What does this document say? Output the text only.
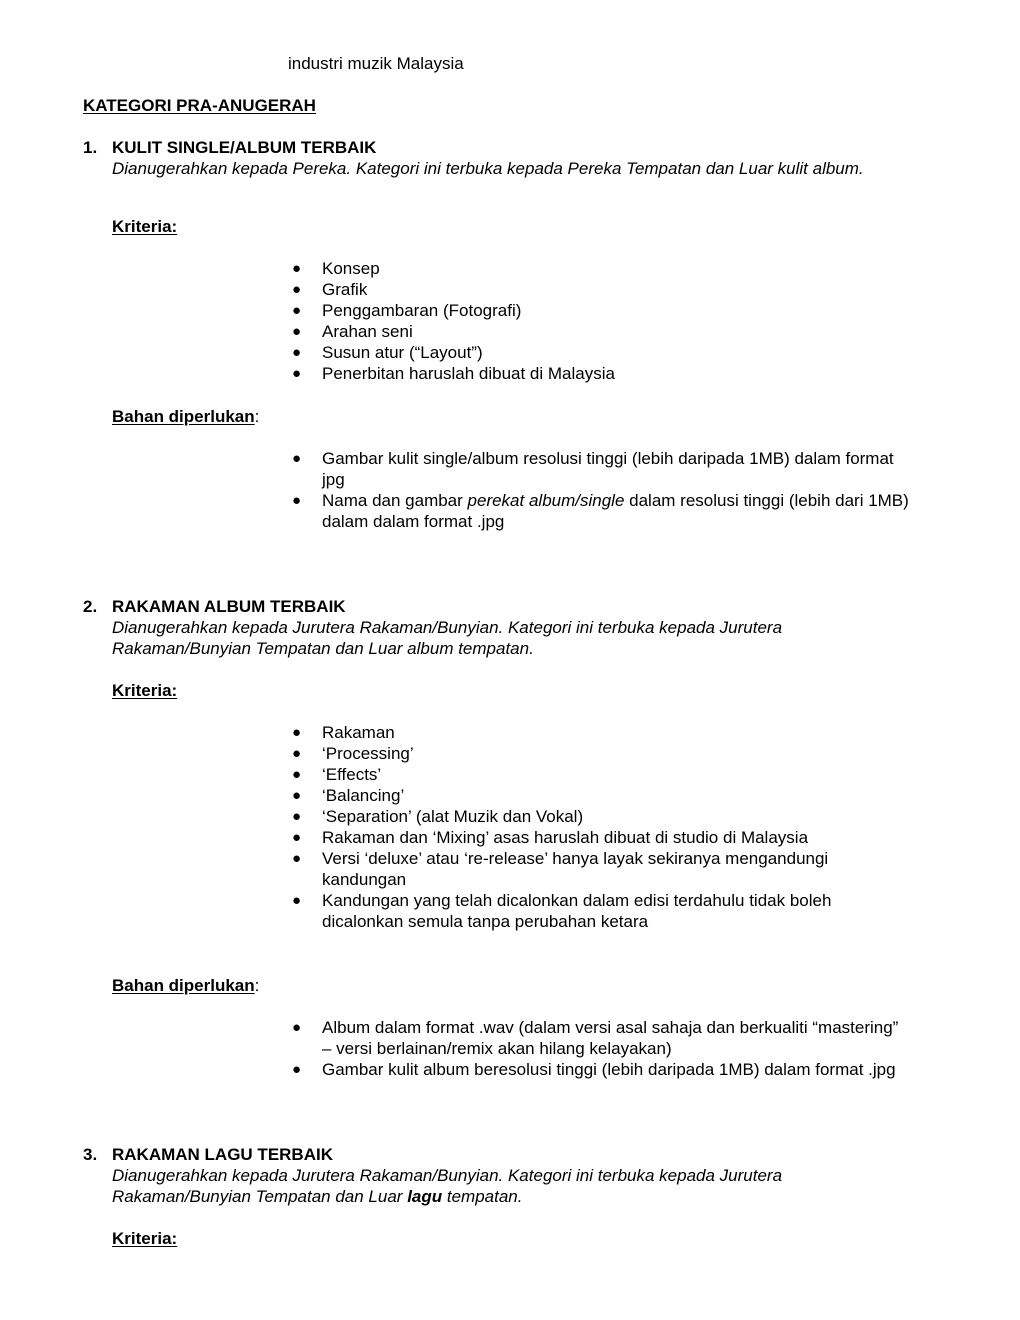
industri muzik Malaysia
KATEGORI PRA-ANUGERAH
1. KULIT SINGLE/ALBUM TERBAIK
Dianugerahkan kepada Pereka. Kategori ini terbuka kepada Pereka Tempatan dan Luar kulit album.
Kriteria:
● Konsep
● Grafik
● Penggambaran (Fotografi)
● Arahan seni
● Susun atur (“Layout”)
● Penerbitan haruslah dibuat di Malaysia
Bahan diperlukan:
● Gambar kulit single/album resolusi tinggi (lebih daripada 1MB) dalam format jpg
● Nama dan gambar perekat album/single dalam resolusi tinggi (lebih dari 1MB) dalam dalam format .jpg
2. RAKAMAN ALBUM TERBAIK
Dianugerahkan kepada Jurutera Rakaman/Bunyian. Kategori ini terbuka kepada Jurutera Rakaman/Bunyian Tempatan dan Luar album tempatan.
Kriteria:
● Rakaman
● ‘Processing’
● ‘Effects’
● ‘Balancing’
● ‘Separation’ (alat Muzik dan Vokal)
● Rakaman dan ‘Mixing’ asas haruslah dibuat di studio di Malaysia
● Versi ‘deluxe’ atau ‘re-release’ hanya layak sekiranya mengandungi kandungan
● Kandungan yang telah dicalonkan dalam edisi terdahulu tidak boleh dicalonkan semula tanpa perubahan ketara
Bahan diperlukan:
● Album dalam format .wav (dalam versi asal sahaja dan berkualiti “mastering” – versi berlainan/remix akan hilang kelayakan)
● Gambar kulit album beresolusi tinggi (lebih daripada 1MB) dalam format .jpg
3. RAKAMAN LAGU TERBAIK
Dianugerahkan kepada Jurutera Rakaman/Bunyian. Kategori ini terbuka kepada Jurutera Rakaman/Bunyian Tempatan dan Luar lagu tempatan.
Kriteria:
